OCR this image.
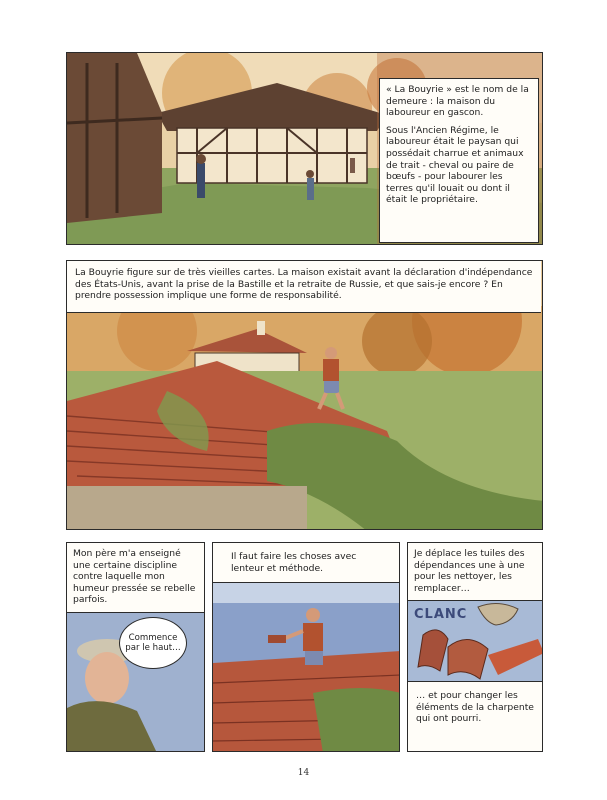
« La Bouyrie » est le nom de la demeure : la maison du laboureur en gascon.

Sous l'Ancien Régime, le laboureur était le paysan qui possédait charrue et animaux de trait - cheval ou paire de bœufs - pour labourer les terres qu'il louait ou dont il était le propriétaire.

La Bouyrie figure sur de très vieilles cartes. La maison existait avant la déclaration d'indépendance des États-Unis, avant la prise de la Bastille et la retraite de Russie, et que sais-je encore ? En prendre possession implique une forme de responsabilité.
Mon père m'a enseigné une certaine discipline contre laquelle mon humeur pressée se rebelle parfois.
Commence par le haut…
Il faut faire les choses avec lenteur et méthode.
Je déplace les tuiles des dépendances une à une pour les nettoyer, les remplacer…
CLANC
… et pour changer les éléments de la charpente qui ont pourri.
14
